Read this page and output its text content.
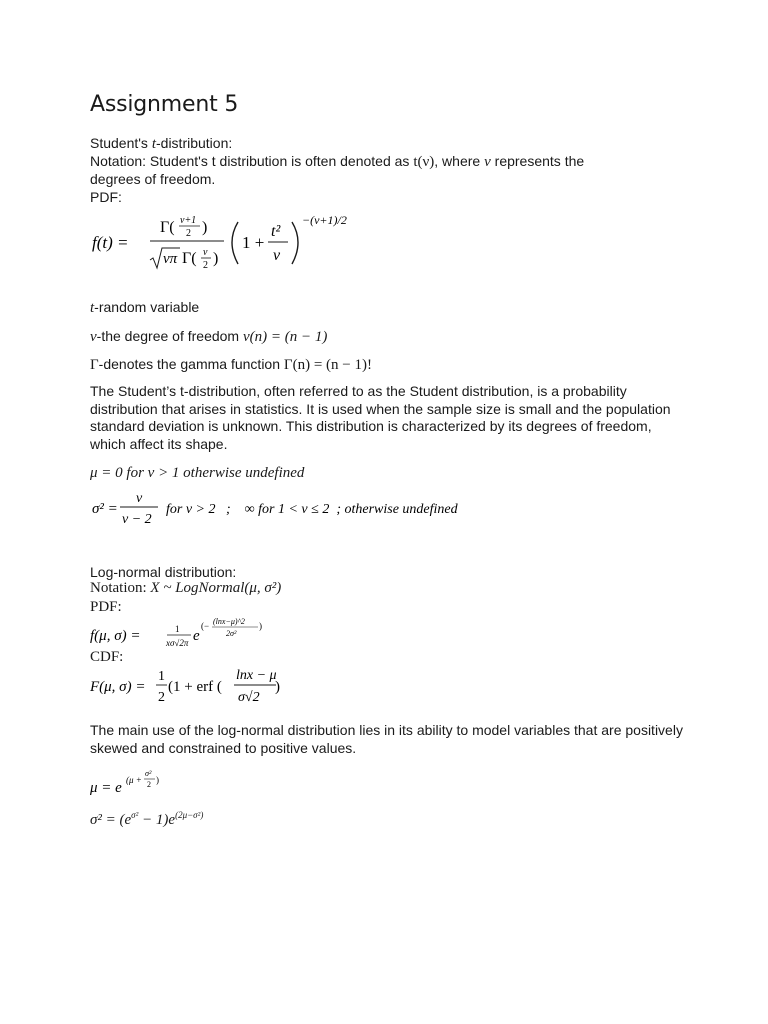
Assignment 5
Student's t-distribution:
Notation: Student's t distribution is often denoted as t(ν), where ν represents the
degrees of freedom.
PDF:
f(t) =
Γ( ν+1
2 )
νπ Γ( ν
2 )
1 +
t²
ν
−(ν+1)/2
t-random variable
ν-the degree of freedom ν(n) = (n − 1)
Γ-denotes the gamma function Γ(n) = (n − 1)!
The Student’s t-distribution, often referred to as the Student distribution, is a probability distribution that arises in statistics. It is used when the sample size is small and the population standard deviation is unknown. This distribution is characterized by its degrees of freedom, which affect its shape.
μ = 0 for v > 1 otherwise undefined
σ² =
v
v − 2
for v > 2   ;    ∞ for 1 < v ≤ 2  ; otherwise undefined
Log-normal distribution:
Notation: X ~ LogNormal(μ, σ²)
PDF:
f(μ, σ) =	1
xσ√2π e
(− (lnx−μ)^2
2σ²
)
CDF:
F(μ, σ) =
1
2
(1 + erf (
lnx − μ
σ√2
)
The main use of the log-normal distribution lies in its ability to model variables that are positively skewed and constrained to positive values.
μ = e (μ +
σ²
2 )
$\sigma^2 = (e^{\sigma^2} - 1)e^{(2\mu-\sigma^2)}$
